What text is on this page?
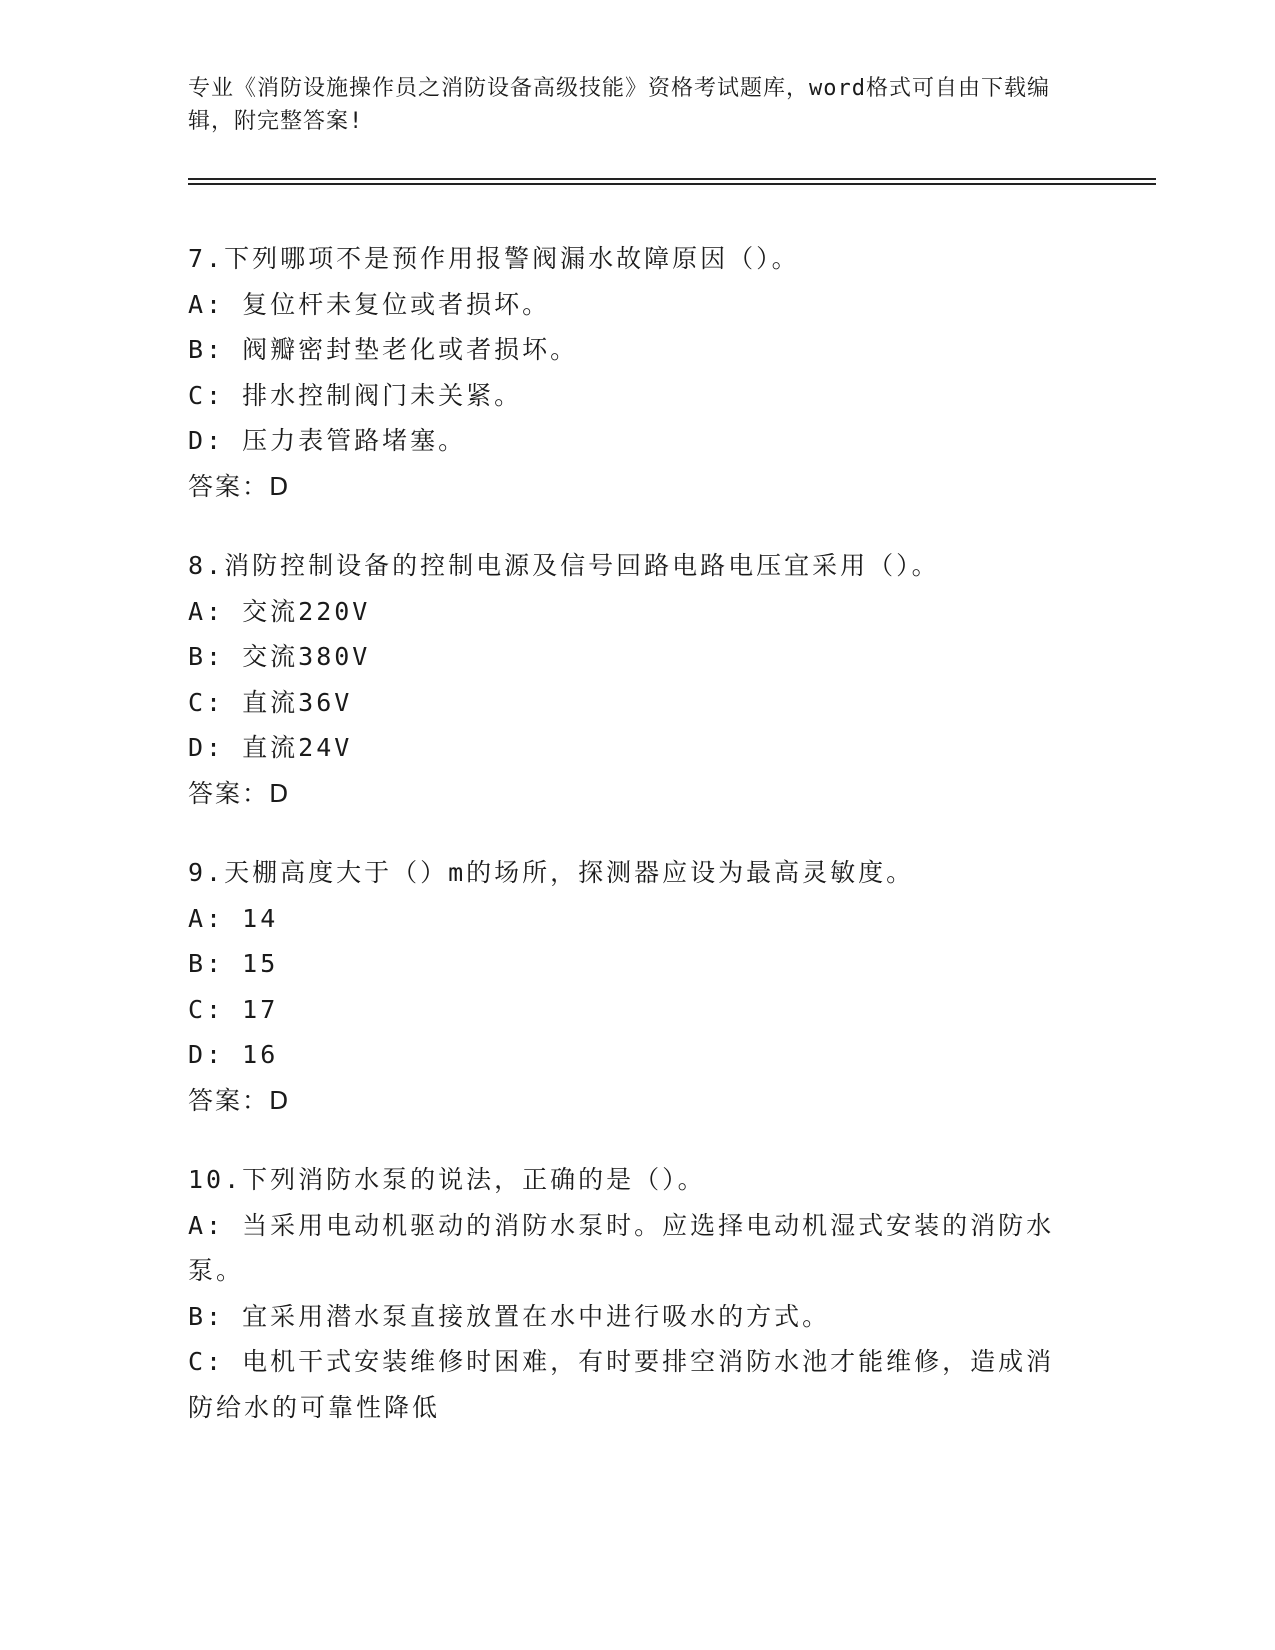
专业《消防设施操作员之消防设备高级技能》资格考试题库，word格式可自由下载编辑，附完整答案!

7.下列哪项不是预作用报警阀漏水故障原因（）。

A: 复位杆未复位或者损坏。

B: 阀瓣密封垫老化或者损坏。

C: 排水控制阀门未关紧。

D: 压力表管路堵塞。

答案：D

8.消防控制设备的控制电源及信号回路电路电压宜采用（）。

A: 交流220V

B: 交流380V

C: 直流36V

D: 直流24V

答案：D

9.天棚高度大于（）m的场所，探测器应设为最高灵敏度。

A: 14

B: 15

C: 17

D: 16

答案：D

10.下列消防水泵的说法，正确的是（）。

A: 当采用电动机驱动的消防水泵时。应选择电动机湿式安装的消防水泵。

B: 宜采用潜水泵直接放置在水中进行吸水的方式。

C: 电机干式安装维修时困难，有时要排空消防水池才能维修，造成消防给水的可靠性降低
